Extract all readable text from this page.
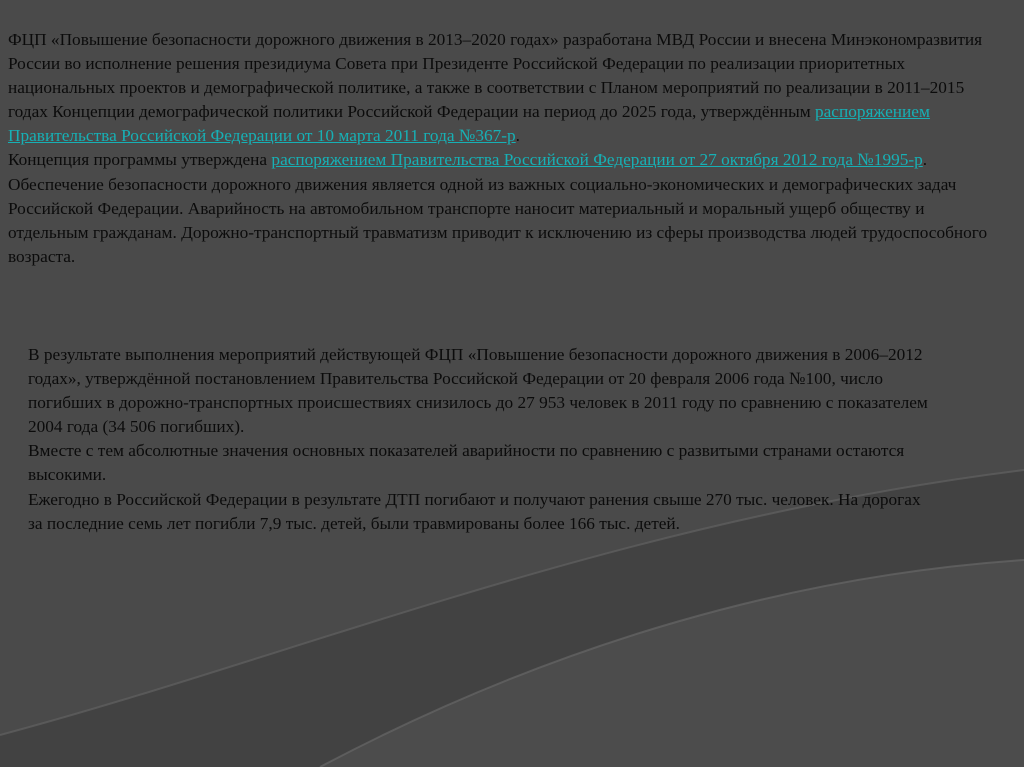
ФЦП «Повышение безопасности дорожного движения в 2013–2020 годах» разработана МВД России и внесена Минэкономразвития России во исполнение решения президиума Совета при Президенте Российской Федерации по реализации приоритетных национальных проектов и демографической политике, а также в соответствии с Планом мероприятий по реализации в 2011–2015 годах Концепции демографической политики Российской Федерации на период до 2025 года, утверждённым распоряжением Правительства Российской Федерации от 10 марта 2011 года №367-р.
Концепция программы утверждена распоряжением Правительства Российской Федерации от 27 октября 2012 года №1995-р.
Обеспечение безопасности дорожного движения является одной из важных социально-экономических и демографических задач Российской Федерации. Аварийность на автомобильном транспорте наносит материальный и моральный ущерб обществу и отдельным гражданам. Дорожно-транспортный травматизм приводит к исключению из сферы производства людей трудоспособного возраста.
В результате выполнения мероприятий действующей ФЦП «Повышение безопасности дорожного движения в 2006–2012 годах», утверждённой постановлением Правительства Российской Федерации от 20 февраля 2006 года №100, число погибших в дорожно-транспортных происшествиях снизилось до 27 953 человек в 2011 году по сравнению с показателем 2004 года (34 506 погибших).
Вместе с тем абсолютные значения основных показателей аварийности по сравнению с развитыми странами остаются высокими.
Ежегодно в Российской Федерации в результате ДТП погибают и получают ранения свыше 270 тыс. человек. На дорогах за последние семь лет погибли 7,9 тыс. детей, были травмированы более 166 тыс. детей.
